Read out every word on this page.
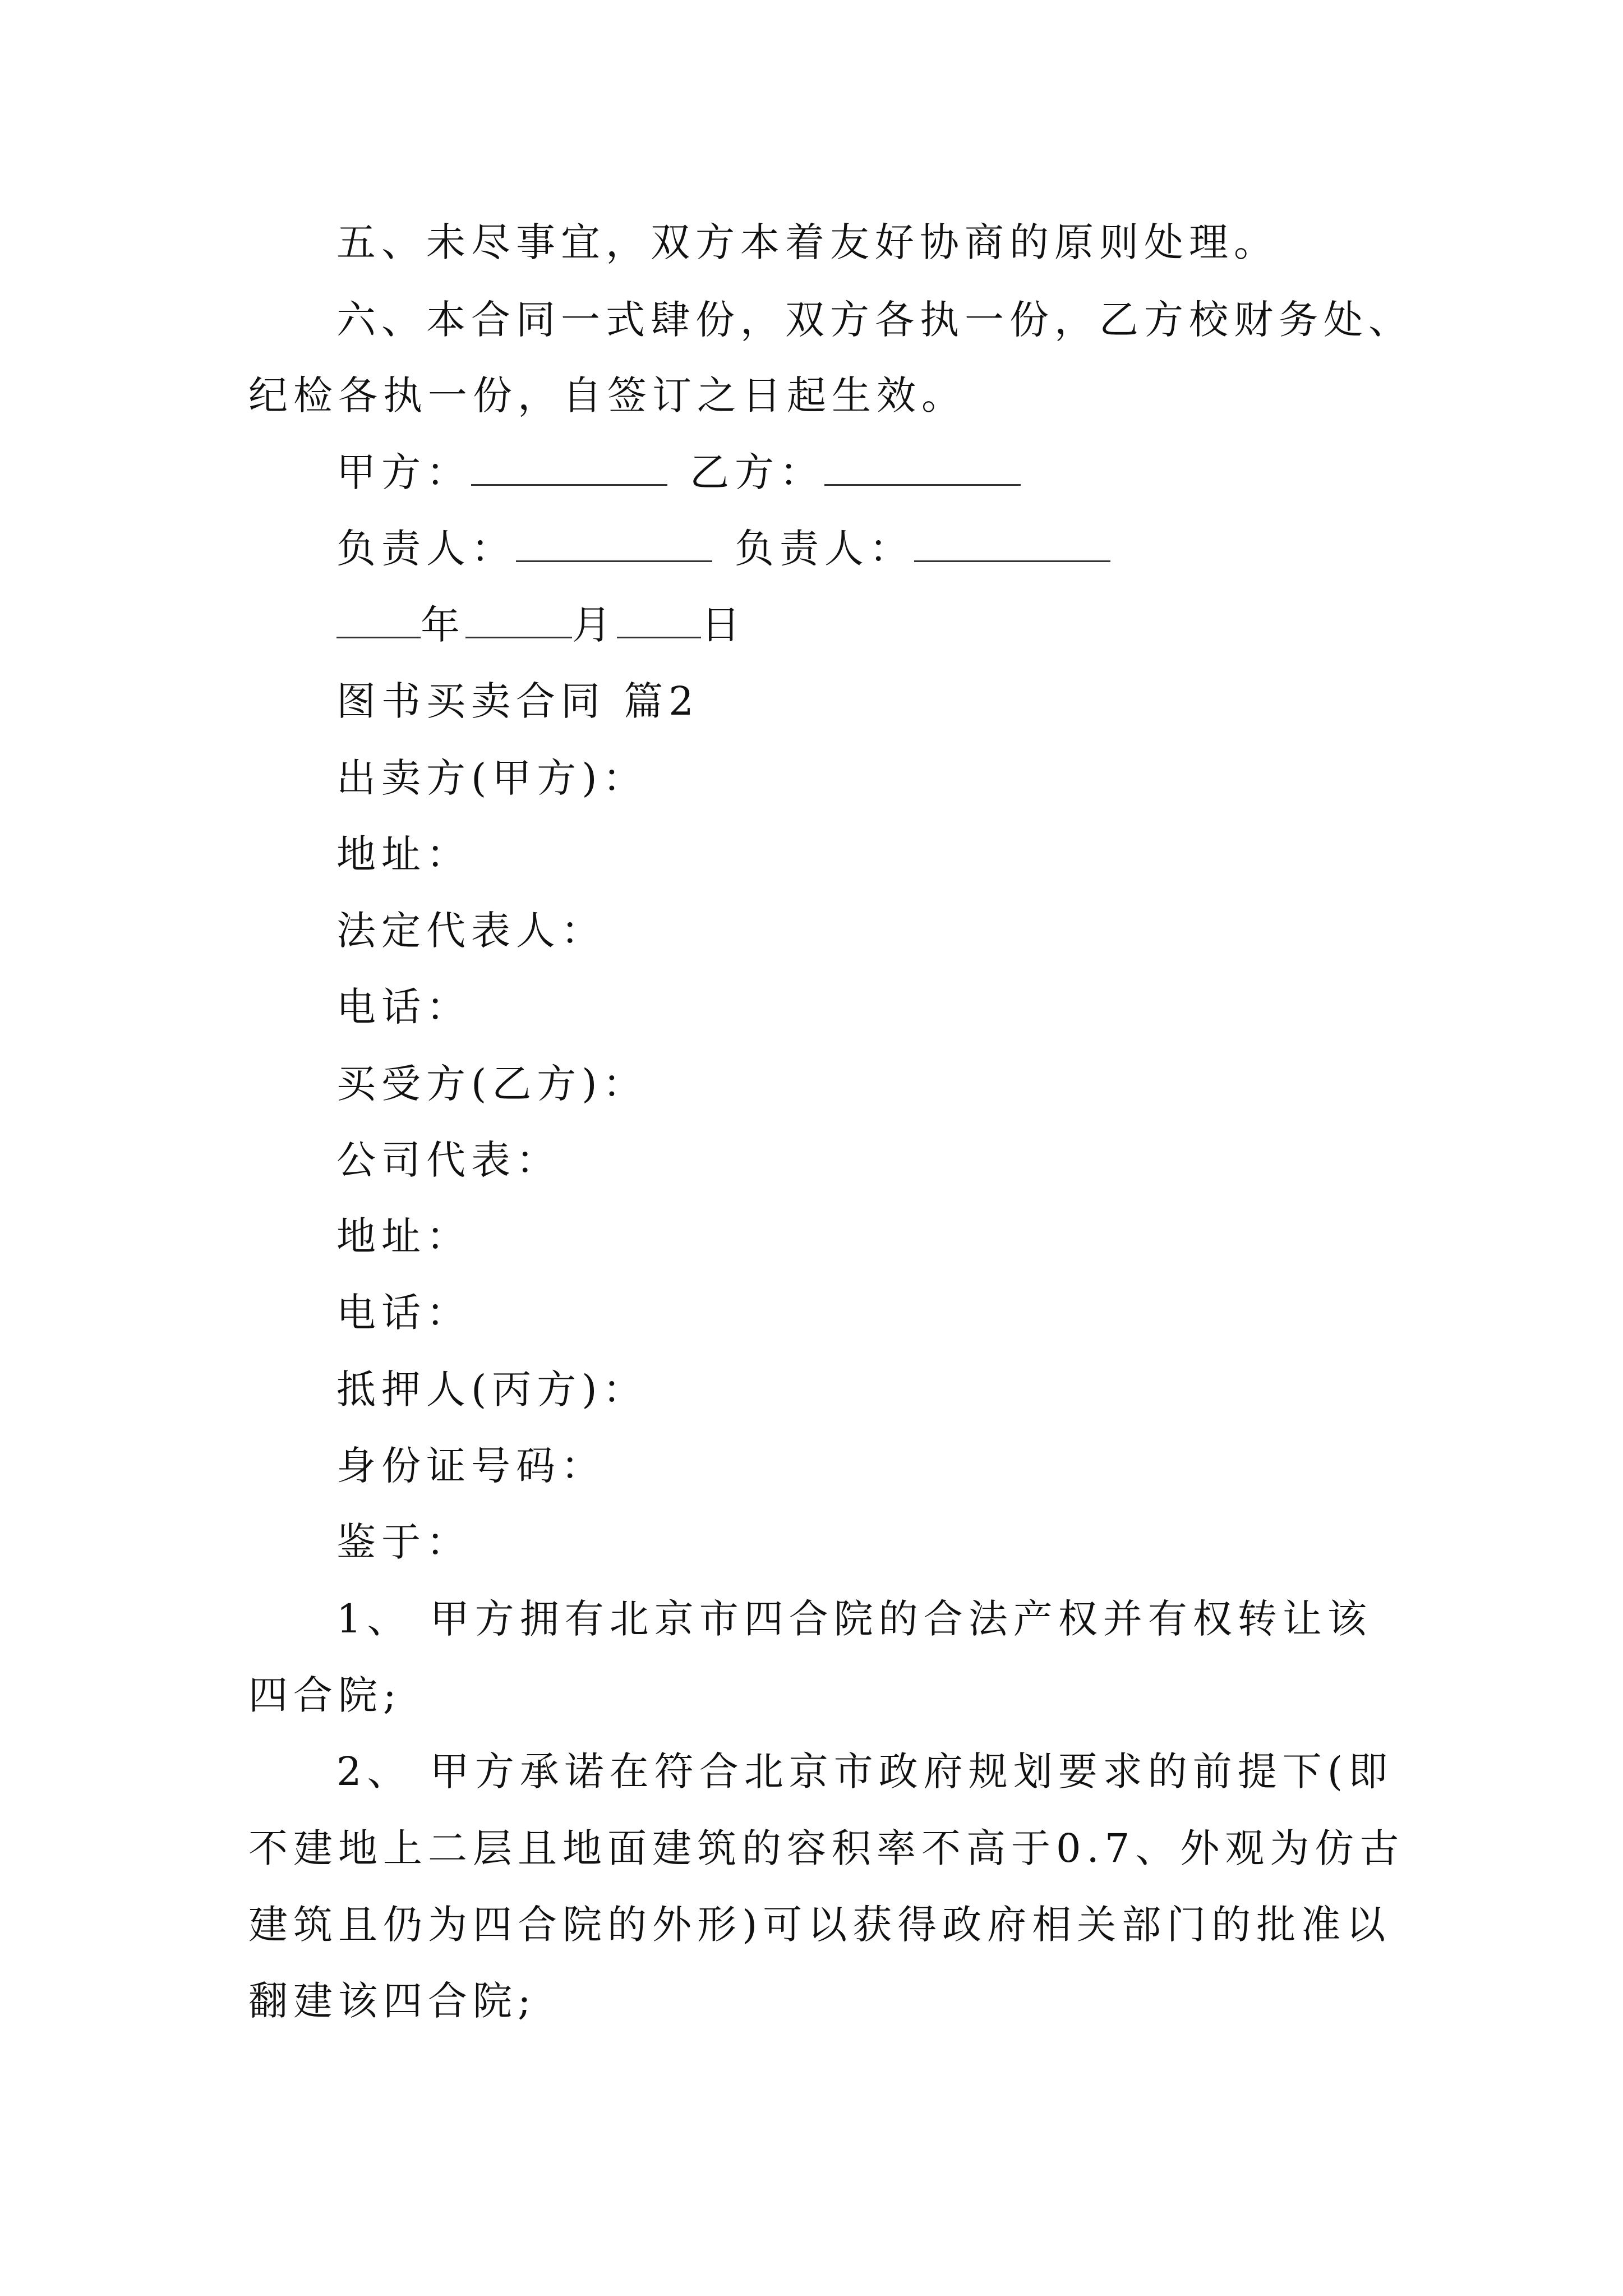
五、未尽事宜，双方本着友好协商的原则处理。
六、本合同一式肆份，双方各执一份，乙方校财务处、
纪检各执一份，自签订之日起生效。
甲方：	乙方：
负责人：	负责人：
年	月 日
图书买卖合同 篇2
出卖方(甲方)：
地址：
法定代表人：
电话：
买受方(乙方)：
公司代表：
地址：
电话：
抵押人(丙方)：
身份证号码：
鉴于：
1、 甲方拥有北京市四合院的合法产权并有权转让该
四合院;
2、 甲方承诺在符合北京市政府规划要求的前提下(即
不建地上二层且地面建筑的容积率不高于0.7、外观为仿古
建筑且仍为四合院的外形)可以获得政府相关部门的批准以
翻建该四合院;
